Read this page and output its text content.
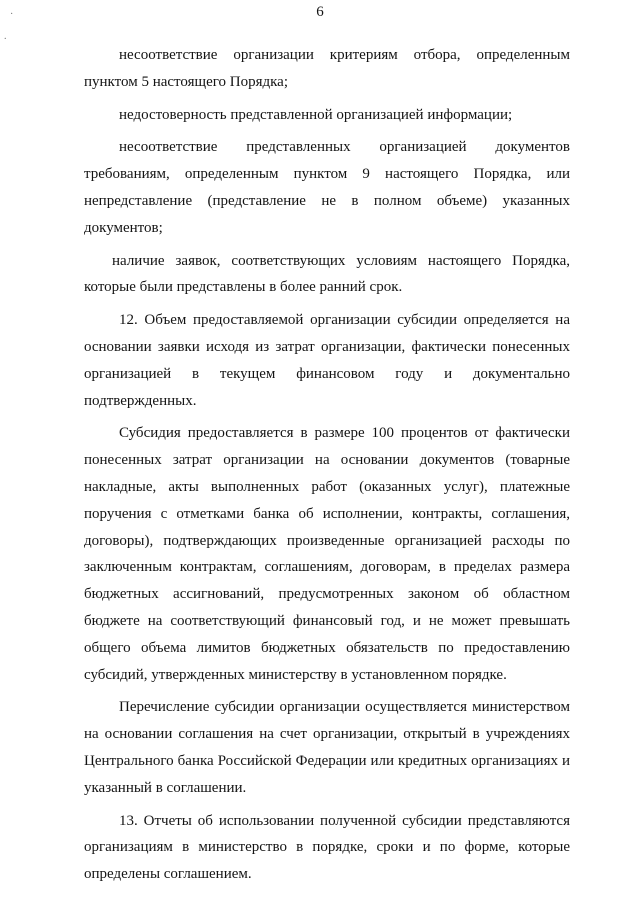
6
·
.

несоответствие организации критериям отбора, определенным пунктом 5 настоящего Порядка;

недостоверность представленной организацией информации;

несоответствие представленных организацией документов требованиям, определенным пунктом 9 настоящего Порядка, или непредставление (представление не в полном объеме) указанных документов;

наличие заявок, соответствующих условиям настоящего Порядка, которые были представлены в более ранний срок.

12. Объем предоставляемой организации субсидии определяется на основании заявки исходя из затрат организации, фактически понесенных организацией в текущем финансовом году и документально подтвержденных.

Субсидия предоставляется в размере 100 процентов от фактически понесенных затрат организации на основании документов (товарные накладные, акты выполненных работ (оказанных услуг), платежные поручения с отметками банка об исполнении, контракты, соглашения, договоры), подтверждающих произведенные организацией расходы по заключенным контрактам, соглашениям, договорам, в пределах размера бюджетных ассигнований, предусмотренных законом об областном бюджете на соответствующий финансовый год, и не может превышать общего объема лимитов бюджетных обязательств по предоставлению субсидий, утвержденных министерству в установленном порядке.

Перечисление субсидии организации осуществляется министерством на основании соглашения на счет организации, открытый в учреждениях Центрального банка Российской Федерации или кредитных организациях и указанный в соглашении.

13. Отчеты об использовании полученной субсидии представляются организациям в министерство в порядке, сроки и по форме, которые определены соглашением.
